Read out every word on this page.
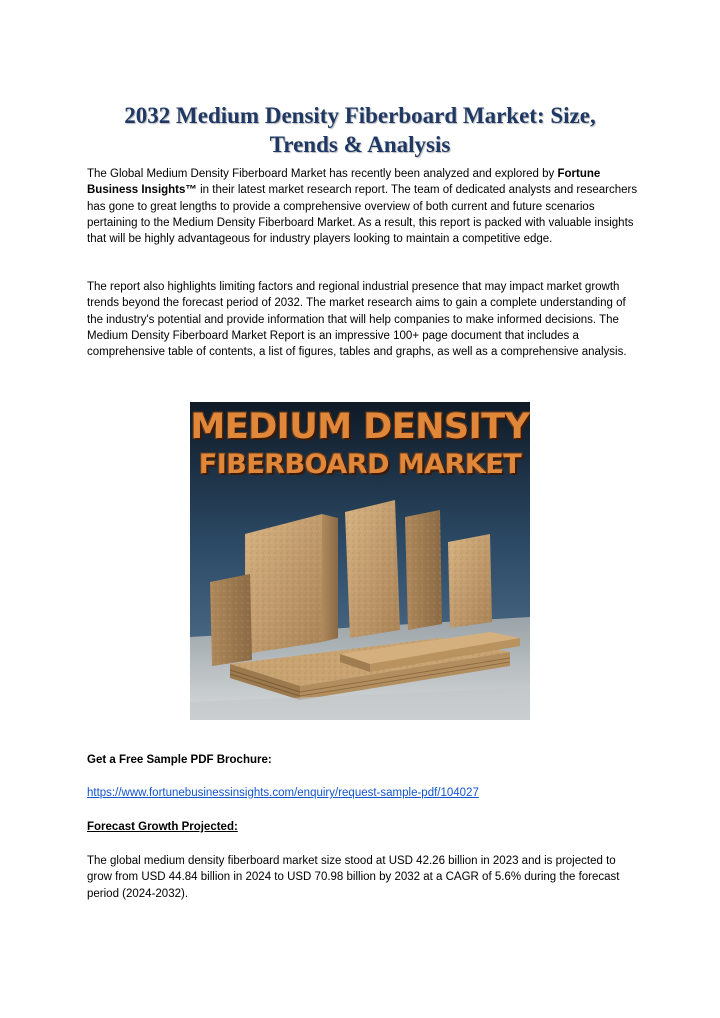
2032 Medium Density Fiberboard Market: Size,
Trends & Analysis

The Global Medium Density Fiberboard Market has recently been analyzed and explored by Fortune Business Insights™ in their latest market research report. The team of dedicated analysts and researchers has gone to great lengths to provide a comprehensive overview of both current and future scenarios pertaining to the Medium Density Fiberboard Market. As a result, this report is packed with valuable insights that will be highly advantageous for industry players looking to maintain a competitive edge.

The report also highlights limiting factors and regional industrial presence that may impact market growth trends beyond the forecast period of 2032. The market research aims to gain a complete understanding of the industry's potential and provide information that will help companies to make informed decisions. The Medium Density Fiberboard Market Report is an impressive 100+ page document that includes a comprehensive table of contents, a list of figures, tables and graphs, as well as a comprehensive analysis.

MEDIUM DENSITY
FIBERBOARD MARKET
Get a Free Sample PDF Brochure:
https://www.fortunebusinessinsights.com/enquiry/request-sample-pdf/104027
Forecast Growth Projected:

The global medium density fiberboard market size stood at USD 42.26 billion in 2023 and is projected to grow from USD 44.84 billion in 2024 to USD 70.98 billion by 2032 at a CAGR of 5.6% during the forecast period (2024-2032).
